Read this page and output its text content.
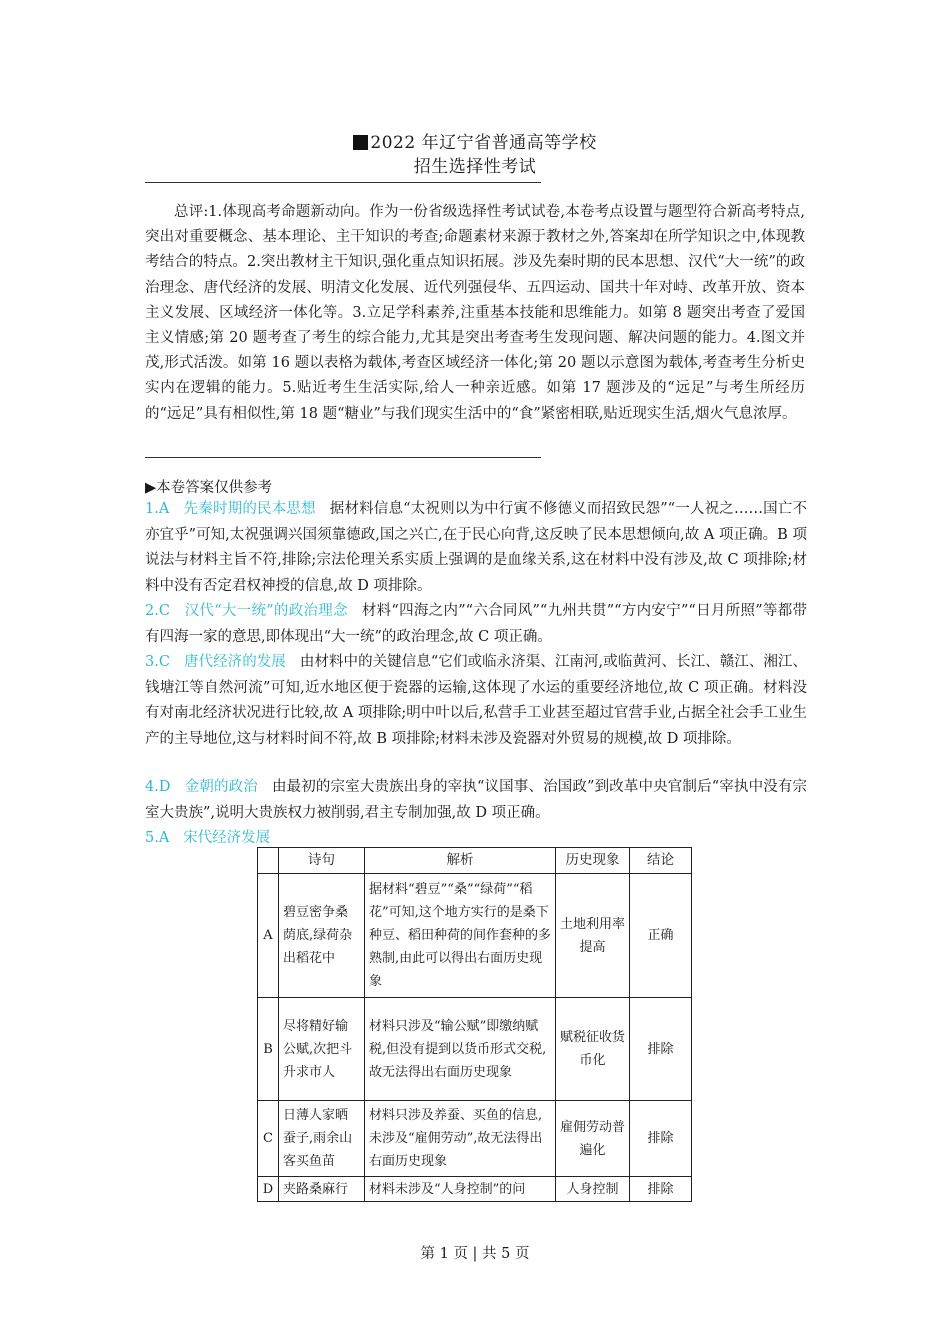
2022 年辽宁省普通高等学校
招生选择性考试
总评:1.体现高考命题新动向。作为一份省级选择性考试试卷,本卷考点设置与题型符合新高考特点,突出对重要概念、基本理论、主干知识的考查;命题素材来源于教材之外,答案却在所学知识之中,体现教考结合的特点。2.突出教材主干知识,强化重点知识拓展。涉及先秦时期的民本思想、汉代“大一统”的政治理念、唐代经济的发展、明清文化发展、近代列强侵华、五四运动、国共十年对峙、改革开放、资本主义发展、区域经济一体化等。3.立足学科素养,注重基本技能和思维能力。如第 8 题突出考查了爱国主义情感;第 20 题考查了考生的综合能力,尤其是突出考查考生发现问题、解决问题的能力。4.图文并茂,形式活泼。如第 16 题以表格为载体,考查区域经济一体化;第 20 题以示意图为载体,考查考生分析史实内在逻辑的能力。5.贴近考生生活实际,给人一种亲近感。如第 17 题涉及的“远足”与考生所经历的“远足”具有相似性,第 18 题“糖业”与我们现实生活中的“食”紧密相联,贴近现实生活,烟火气息浓厚。
▶本卷答案仅供参考
1.A 先秦时期的民本思想 据材料信息“太祝则以为中行寅不修德义而招致民怨”“一人祝之……国亡不亦宜乎”可知,太祝强调兴国须靠德政,国之兴亡,在于民心向背,这反映了民本思想倾向,故 A 项正确。B 项说法与材料主旨不符,排除;宗法伦理关系实质上强调的是血缘关系,这在材料中没有涉及,故 C 项排除;材料中没有否定君权神授的信息,故 D 项排除。
2.C 汉代“大一统”的政治理念 材料“四海之内”“六合同风”“九州共贯”“方内安宁”“日月所照”等都带有四海一家的意思,即体现出“大一统”的政治理念,故 C 项正确。
3.C 唐代经济的发展 由材料中的关键信息“它们或临永济渠、江南河,或临黄河、长江、赣江、湘江、钱塘江等自然河流”可知,近水地区便于瓷器的运输,这体现了水运的重要经济地位,故 C 项正确。材料没有对南北经济状况进行比较,故 A 项排除;明中叶以后,私营手工业甚至超过官营手业,占据全社会手工业生产的主导地位,这与材料时间不符,故 B 项排除;材料未涉及瓷器对外贸易的规模,故 D 项排除。
4.D 金朝的政治 由最初的宗室大贵族出身的宰执“议国事、治国政”到改革中央官制后“宰执中没有宗室大贵族”,说明大贵族权力被削弱,君主专制加强,故 D 项正确。
5.A 宋代经济发展
	诗句	解析	历史现象	结论
A	碧豆密争桑荫底,绿荷杂出稻花中	据材料“碧豆”“桑”“绿荷”“稻花”可知,这个地方实行的是桑下种豆、稻田种荷的间作套种的多熟制,由此可以得出右面历史现象	土地利用率提高	正确
B	尽将精好输公赋,次把斗升求市人	材料只涉及“输公赋”即缴纳赋税,但没有提到以货币形式交税,故无法得出右面历史现象	赋税征收货币化	排除
C	日薄人家晒蚕子,雨余山客买鱼苗	材料只涉及养蚕、买鱼的信息,未涉及“雇佣劳动”,故无法得出右面历史现象	雇佣劳动普遍化	排除
D	夹路桑麻行	材料未涉及“人身控制”的问	人身控制	排除
第 1 页 | 共 5 页
